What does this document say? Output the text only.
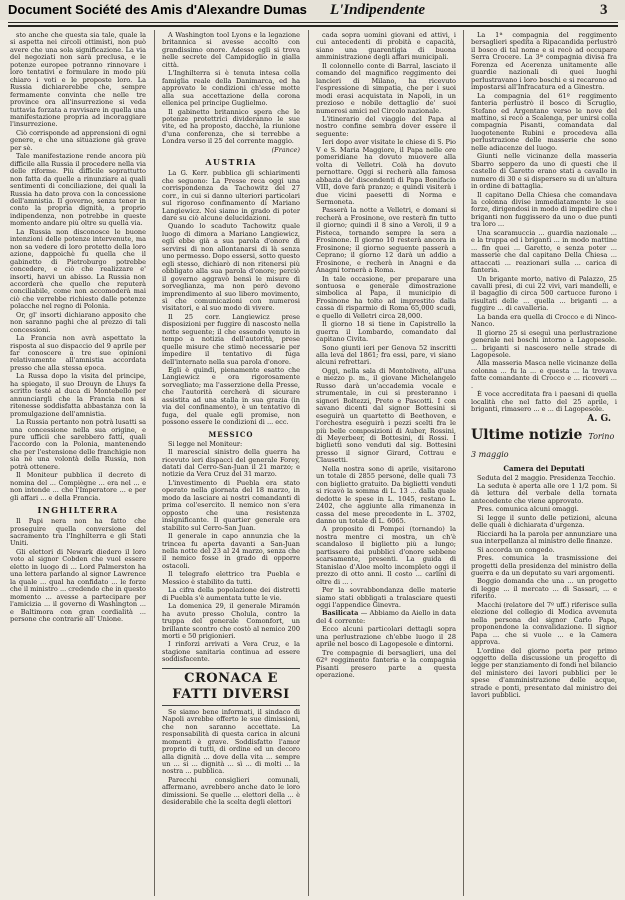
Document Société des Amis d'Alexandre Dumas L'Indipendente	3

sto anche che questa sia tale, quale la si aspetta nei circoli ottimisti, non può avere che una sola significazione. La via del negoziati non sarà preclusa, e le potenze europee potranno rinnovare i loro tentativi e formulare in modo più chiaro i voti e le proposte loro. La Russia dichiarerebbe che, sempre fermamente convinta che nelle tre province ora all'insurrezione si veda tuttavia forzata a ravvisare in quella una manifestazione propria ad incoraggiare l'insurrezione.

Ciò corrisponde ad apprensioni di ogni genere, e che una situazione già grave per sè.

Tale manifestazione rende ancora più difficile alla Russia il procedere nella via delle riforme. Più difficile soprattutto non fatta da quelle a rinunziare ai quali sentimenti di conciliazione, dei quali la Russia ha dato prova con la concessione dell'amnistia. Il governo, senza tener in conto la propria dignità, a proprio indipendenza, non potrebbe in queste momento andare più oltre su quella via.

La Russia non disconosce le buone intenzioni delle potenze intervenute, ma non sa vedere di loro protetto della loro azione, dappoichè fu quella che il gabinetto di Pietroburgo potrebbe concedere, e ciò che realizzare e' insorti, havvi un abisso. La Russia non accorderà che quello che reputerà conciliabile, come non accomoderà mai ciò che verrebbe richiesto dalle potenze polacche nel regno di Polonia.

Or, gl' insorti dichiarano apposito che non saranno paghi che al prezzo di tali concessioni.

La Francia non avrà aspettato la risposta al suo dispaccio del 9 aprile per far conoscere a tre sue opinioni relativamente all'amnistia accordata presso che alla stessa epoca.

La Russa dopo la visita del principe, ha spiegato, il suo Drouyn de Lhuys fa scritto testé al duca di Montebello per annunciargli che la Francia non si ritenesse soddisfatta abbastanza con la promulgazione dell'amnistia.

La Russia pertanto non potrà lusatti sa una concessione nella sua origine, e pure ufficii che sarebbero fatti, quali l'accordo con la Polonia, mantenendo che per l'estensione delle franchigie non sia nè una volontà della Russia, non potrà ottenere.

Il Moniteur pubblica il decreto di nomina del ... Compiègne ... era nel ... e non intende ... che l'Imperatore ... e per gli affari ... e della Francia.

INGHILTERRA

Il Papi nera non ha fatto che proseguire quella conversione del sacramento tra l'Inghilterra e gli Stati Uniti.

Gli elettori di Newark diedero il loro voto al signor Cobden che vuol essere eletto in luogo di ... Lord Palmerston ha una lettera parlando al signor Lawrence la quale ... qual ha confidato ... le forze che il ministro ... credendo che in questo momento ... avesse a partecipare per l'amicizia ... il governo di Washington ... e Baltimora con gran cordialità ... persone che contrarie all' Unione.

A Washington tool Lyons e la legazione britannica si avesse accolto con grandissimo onore. Adesso egli si trova nelle secrete del Campidoglio in gialla città.

L'Inghilterra si è tenuta intesa colla famiglia reale della Danimarca, ed ha approvato le condizioni ch'esse motte alla sua accettazione della corona ellenica pel principe Guglielmo.

Il gabinetto britannico spera che le potenze protettrici divideranno le sue vite, ed ha proposto, dacchè, la riunione d'una conferenza, che si terrebbe a Londra verso il 25 del corrente maggio.

(France)
AUSTRIA

La G. Kerr. pubblica gli schiarimenti che seguono: La Presse reca oggi una corrispondenza da Tachowitz del 27 corr., in cui si danno ulteriori particolari sul rigoroso confinamento di Mariano Langiewicz. Noi siamo in grado di poter dare su ciò alcune delucidazioni.

Quando lo scaduto Tachowitz quale luogo di dimora a Mariano Langiewicz, egli ebbe già a sua parola d'onore di servirsi di non allontanarsi di là senza uno permesso. Dopo essersi, sotto questo egli stesso, dichiarò di non ritenersi più obbligato alla sua parola d'onore; perciò il governo aggravò bensì le misure di sorveglianza, ma non però devono imprendimento al suo libero movimento, sì che comunicazioni con numerosi visitatori, e al suo modo di vivere.

Il 25 corr. Langiewicz prese disposizioni per fuggire di nascosto nella notte seguente; il che essendo venuto in tempo a notizia dell'autorità, prese quelle misure che stimò necessarie per impedire il tentativo di fuga dell'internato nella sua parola d'onore.

Egli è quindi, pienamente esatto che Langiewicz e ora rigorosamente sorvegliato; ma l'asserzione della Presse, che l'autorità cercherà di sicurare assistita ad una stalla in sua grazia (in via del confinamento), è un tentativo di fuga, del quale egli promise, non possono essere le condizioni di ... ecc.

MESSICO

Si legge nel Moniteur:

Il marescial sinistro della guerra ha ricevuto ieri dispacci del generale Forey, datati dal Cerro-San-Juan il 21 marzo; e notizie da Vera Cruz del 31 marzo.

L'investimento di Puebla era stato operato nella giornata del 18 marzo, in modo da lasciare ai nostri comandanti di prima col'esercito. Il nemico non s'era opposto che una resistenza insignificante. Il quartier generale era stabilito sul Cerro-San Juan.

Il generale in capo annunzia che la trincea fu aperta davanti a San-Juan nella notte del 23 al 24 marzo, senza che il nemico fosse in grado di opporre ostacoli.

Il telegrafo elettrico tra Puebla e Messico è stabilito da tutti.

La cifra della popolazione dei distretti di Puebla s'è aumentata tutte le vie.

La domenica 29, il generale Miramón ha avuto presso Cholula, contro la truppa del generale Comonfort, un brillante scontro che costò al nemico 200 morti e 50 prigionieri.

I rinforzi arrivati a Vera Cruz, e la stagione sanitaria continua ad essere soddisfacente.

CRONACA E FATTI DIVERSI

Se siamo bene informati, il sindaco di Napoli avrebbe offerto le sue dimissioni, che non saranno accettate. La responsabilità di questa carica in alcuni momenti è grave. Soddisfatto l'amor proprio di tutti, di ordine ed un decoro alla dignità ... dove della vita ... sempre un ... si ... dignità ... sì ... di molti ... la nostra ... pubblica.

Parecchi consiglieri comunali, affermano, avrebbero anche dato le loro dimissioni. Se quelle ... elettori della ... è desiderabile che la scelta degli elettori

cada sopra uomini giovani ed attivi, i cui antecedenti di probità e capacità, siano una guarentigia di buona amministrazione degli affari municipali.

Il colonnello conte di Barral, lasciato il comando del magnifico reggimento dei lancieri di Milano, ha ricevuto l'espressione di simpatia, che per i suoi modi erasi acquistata in Napoli, in un prezioso e nobile dettaglio de' suoi numerosi amici nel Circolo nazionale.

L'itinerario del viaggio del Papa al nostro confine sembra dover essere il seguente:

Ieri dopo aver visitate le chiese di S. Pio V e S. Maria Maggiore, il Papa nelle ore pomeridiane ha dovuto muovere alla volta di Velletri. Colà ha dovuto pernottare. Oggi si recherà alla famosa abbazia de' discendenti di Papa Bonifacio VIII, dove farà pranzo; e quindi visiterà i due vicini paesetti di Norma e Sermoneta.

Passerà la notte a Velletri, e domani si recherà a Frosinone, ove resterà fin tutto il giorno; quindi il 8 sino a Veroli, il 9 a Pisteca, tornando sempre la sera a Frosinone. Il giorno 10 resterà ancora in Frosinone; il giorno seguente passerà a Ceprano; il giorno 12 darà un addio a Frosinone, e recherà in Anagni e da Anagni tornerà a Roma.

In tale occasione, per preparare una sontuosa e generale dimostrazione simbolica al Papa, il municipio di Frosinone ha tolto ad imprestito dalla cassa di risparmio di Roma 65,000 scudi, e quello di Velletri circa 28,000.

Il giorno 18 si tiene in Capistrello la guerra il Lombardo, comandato dal capitano Civita.

Sono giunti ieri per Genova 52 inscritti alla leva del 1861; fra essi, pare, vi siano alcuni refrettari.

Oggi, nella sala di Montoliveto, all'una e mezzo p. m., il giovane Michelangelo Russo darà un'accademia vocale e strumentale, in cui si presteranno i signori Boltezzi, Preto e Pascotti. I con savano dicenti dal signor Bottesini si eseguirà un quartetto di Beethoven, e l'orchestra eseguirà i pezzi scelti fra le più belle composizioni di Auber, Rossini, di Meyerbeer, di Bottesini, di Rossi. I biglietti sono venduti dal sig. Bottesini presso il signor Girard, Cottrau e Clausetti.

Nella nostra sono di aprile, visitarono un totale di 2855 persone, delle quali 73 con biglietto gratuito. Da biglietti venduti si ricavò la somma di L. 13 ... dalla quale dedotte le spese in L. 1045, restano L. 2402, che aggiunte alla rimanenza in cassa del mese precedente in L. 3702, danno un totale di L. 6065.

A proposito di Pompei (tornando) la nostra mentre ci mostra, un ch'è scandaloso il biglietto più a lungo; partissero dai pubblici d'onore sebbene scarsamente, presenti. La guida di Stanislao d'Aloe molto incompleto oggi il prezzo di otto anni. Il costo ... carlini di oltre di ... .

Per la sovrabbondanza delle materie siamo stati obbligati a tralasciare questi oggi l'appendice Ginevra.

Basilicata — Abbiamo da Aiello in data del 4 corrente:

Ecco alcuni particolari dettagli sopra una perlustrazione ch'ebbe luogo il 28 aprile nel bosco di Lagopesole e dintorni.

Tre compagnie di bersaglieri, una del 62º reggimento fanteria e la compagnia Pisanti presero parte a questa operazione.

La 1ª compagnia del reggimento bersaglieri spedita a Ripacandida perlustrò il bosco di tal nome e si recò ad occupare Serra Crocere. La 3ª compagnia divisa fra Forenza ed Acerenza unitamente alle guardie nazionali di quei luoghi perlustravano i loro boschi e si recarono ad impostarsi all'Infracatura ed a Ginestra.

La compagnia del 61º reggimento fanteria perlustrò il bosco di Scruglio, Stefano ed Argentano verso le nove del mattino, si recò a Scalenga, per unirsi colla compagnia Pisanti, comandata dal luogotenente Rubini e procedeva alla perlustrazione delle masserie che sono nelle adiacenze del luogo.

Giunti nelle vicinanze della masseria Sbarro seppero da uno di questi che il castello di Garetto erano stati a cavallo in numero di 30 e si dispersero su di un'altura in ordine di battaglia.

Il capitano Della Chiesa che comandava la colonna divise immediatamente le sue forze, dirigendosi in modo di impedire che i briganti non fuggissero da uno o due punti tra loro ...

Una scaramuccia ... guardia nazionale ... e la truppa ed i briganti ... in modo mattine ... fin quei ... Garetto, e senza poter ... masserie che dal capitano Della Chiesa ... attaccati ... reazionari sulla ... carica di fanteria.

Un brigante morto, nativo di Palazzo, 25 cavalli presi, di cui 22 vivi, vari mandelli, e il bagaglio di circa 500 cartucce furono i risultati delle ... quella ... briganti ... a fuggire ... di cavalleria.

La banda era quella di Crocco e di Ninco-Nanco.

Il giorno 25 si eseguì una perlustrazione generale nei boschi intorno a Lagopesole. ... briganti si nascosero nelle strade di Lagopesole.

Alla masseria Masca nelle vicinanze della colonna ... fu la ... e questa ... la trovava fatte comandante di Crocco e ... ricoveri ... .

È voce accreditata fra i paesani di quella località che nel fatto del 25 aprile, i briganti, rimasero ... e ... di Lagopesole.

A. G.
Ultime notizie Torino 3 maggio
Camera dei Deputati

Seduta del 2 maggio. Presidenza Tecchio.

La seduta è aperta alle ore 1 1/2 pom. Si dà lettura del verbale della tornata antecedente che viene approvato.

Pres. comunica alcuni omaggi.

Si legge il sunto delle petizioni, alcuna delle quali è dichiarata d'urgenza.

Ricciardi ha la parola per annunziare una sua interpellanza al ministro delle finanze.

Si accorda un congedo.

Pres. comunica la trasmissione dei progetti della presidenza del ministro della guerra e da un deputato su vari argomenti.

Boggio domanda che una ... un progetto di legge ... il mercato ... di Sassari, ... e riferito.

Macchi (relatore del 7º uff.) riferisce sulla elezione del collegio di Modica avvenuta nella persona del signor Carlo Papa, proponendone la convalidazione. Il signor Papa ... che si vuole ... e la Camera approva.

L'ordine del giorno porta per primo oggetto della discussione un progetto di legge per stanziamento di fondi nel bilancio del ministero dei lavori pubblici per le spese d'amministrazione delle acque, strade e ponti, presentato dal ministro dei lavori pubblici.
